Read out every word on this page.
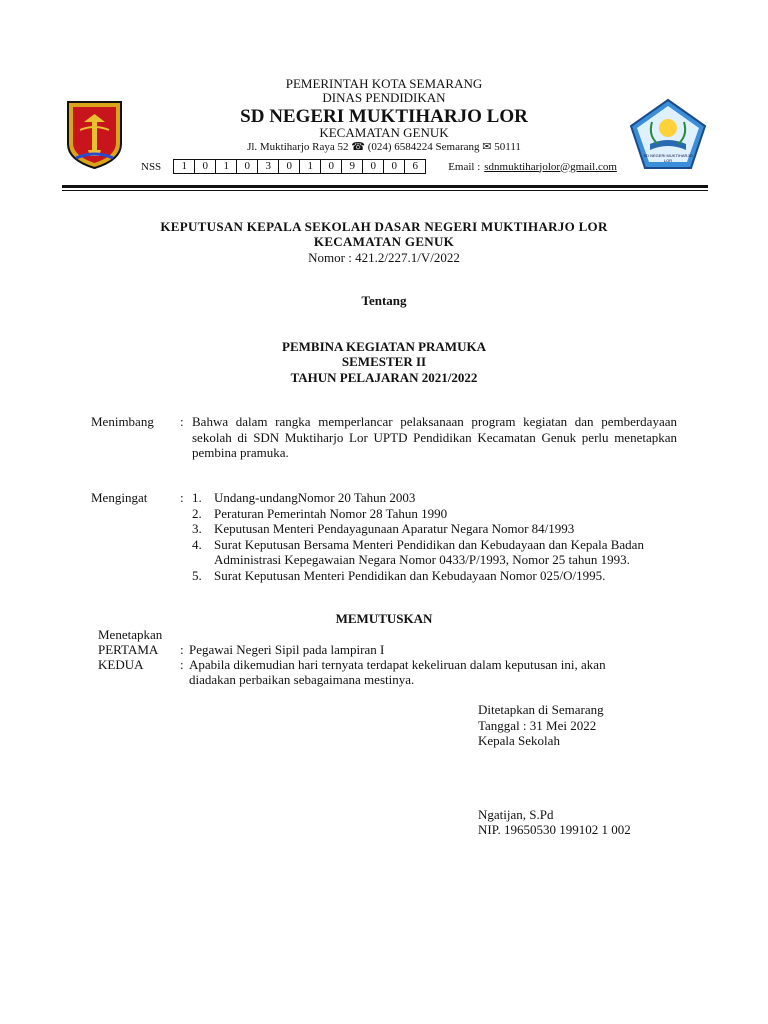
SD NEGERI MUKTIHARJO LOR
PEMERINTAH KOTA SEMARANG
DINAS PENDIDIKAN
SD NEGERI MUKTIHARJO LOR
KECAMATAN GENUK
Jl. Muktiharjo Raya 52 ☎ (024) 6584224 Semarang ✉ 50111
NSS	1	0	1	0	3	0	1	0	9	0	0	6	Email : sdnmuktiharjolor@gmail.com
KEPUTUSAN KEPALA SEKOLAH DASAR NEGERI MUKTIHARJO LOR
KECAMATAN GENUK
Nomor : 421.2/227.1/V/2022
Tentang
PEMBINA KEGIATAN PRAMUKA
SEMESTER II
TAHUN PELAJARAN 2021/2022
Menimbang : Bahwa dalam rangka memperlancar pelaksanaan program kegiatan dan pemberdayaan sekolah di SDN Muktiharjo Lor UPTD Pendidikan Kecamatan Genuk perlu menetapkan pembina pramuka.
Mengingat	: 1. Undang-undangNomor 20 Tahun 2003
2. Peraturan Pemerintah Nomor 28 Tahun 1990
3. Keputusan Menteri Pendayagunaan Aparatur Negara Nomor 84/1993
4. Surat Keputusan Bersama Menteri Pendidikan dan Kebudayaan dan Kepala Badan Administrasi Kepegawaian Negara Nomor 0433/P/1993, Nomor 25 tahun 1993.
5. Surat Keputusan Menteri Pendidikan dan Kebudayaan Nomor 025/O/1995.
MEMUTUSKAN
Menetapkan
PERTAMA : Pegawai Negeri Sipil pada lampiran I
KEDUA	: Apabila dikemudian hari ternyata terdapat kekeliruan dalam keputusan ini, akan
diadakan perbaikan sebagaimana mestinya.
Ditetapkan di Semarang
Tanggal : 31 Mei 2022
Kepala Sekolah
Ngatijan, S.Pd
NIP. 19650530 199102 1 002
